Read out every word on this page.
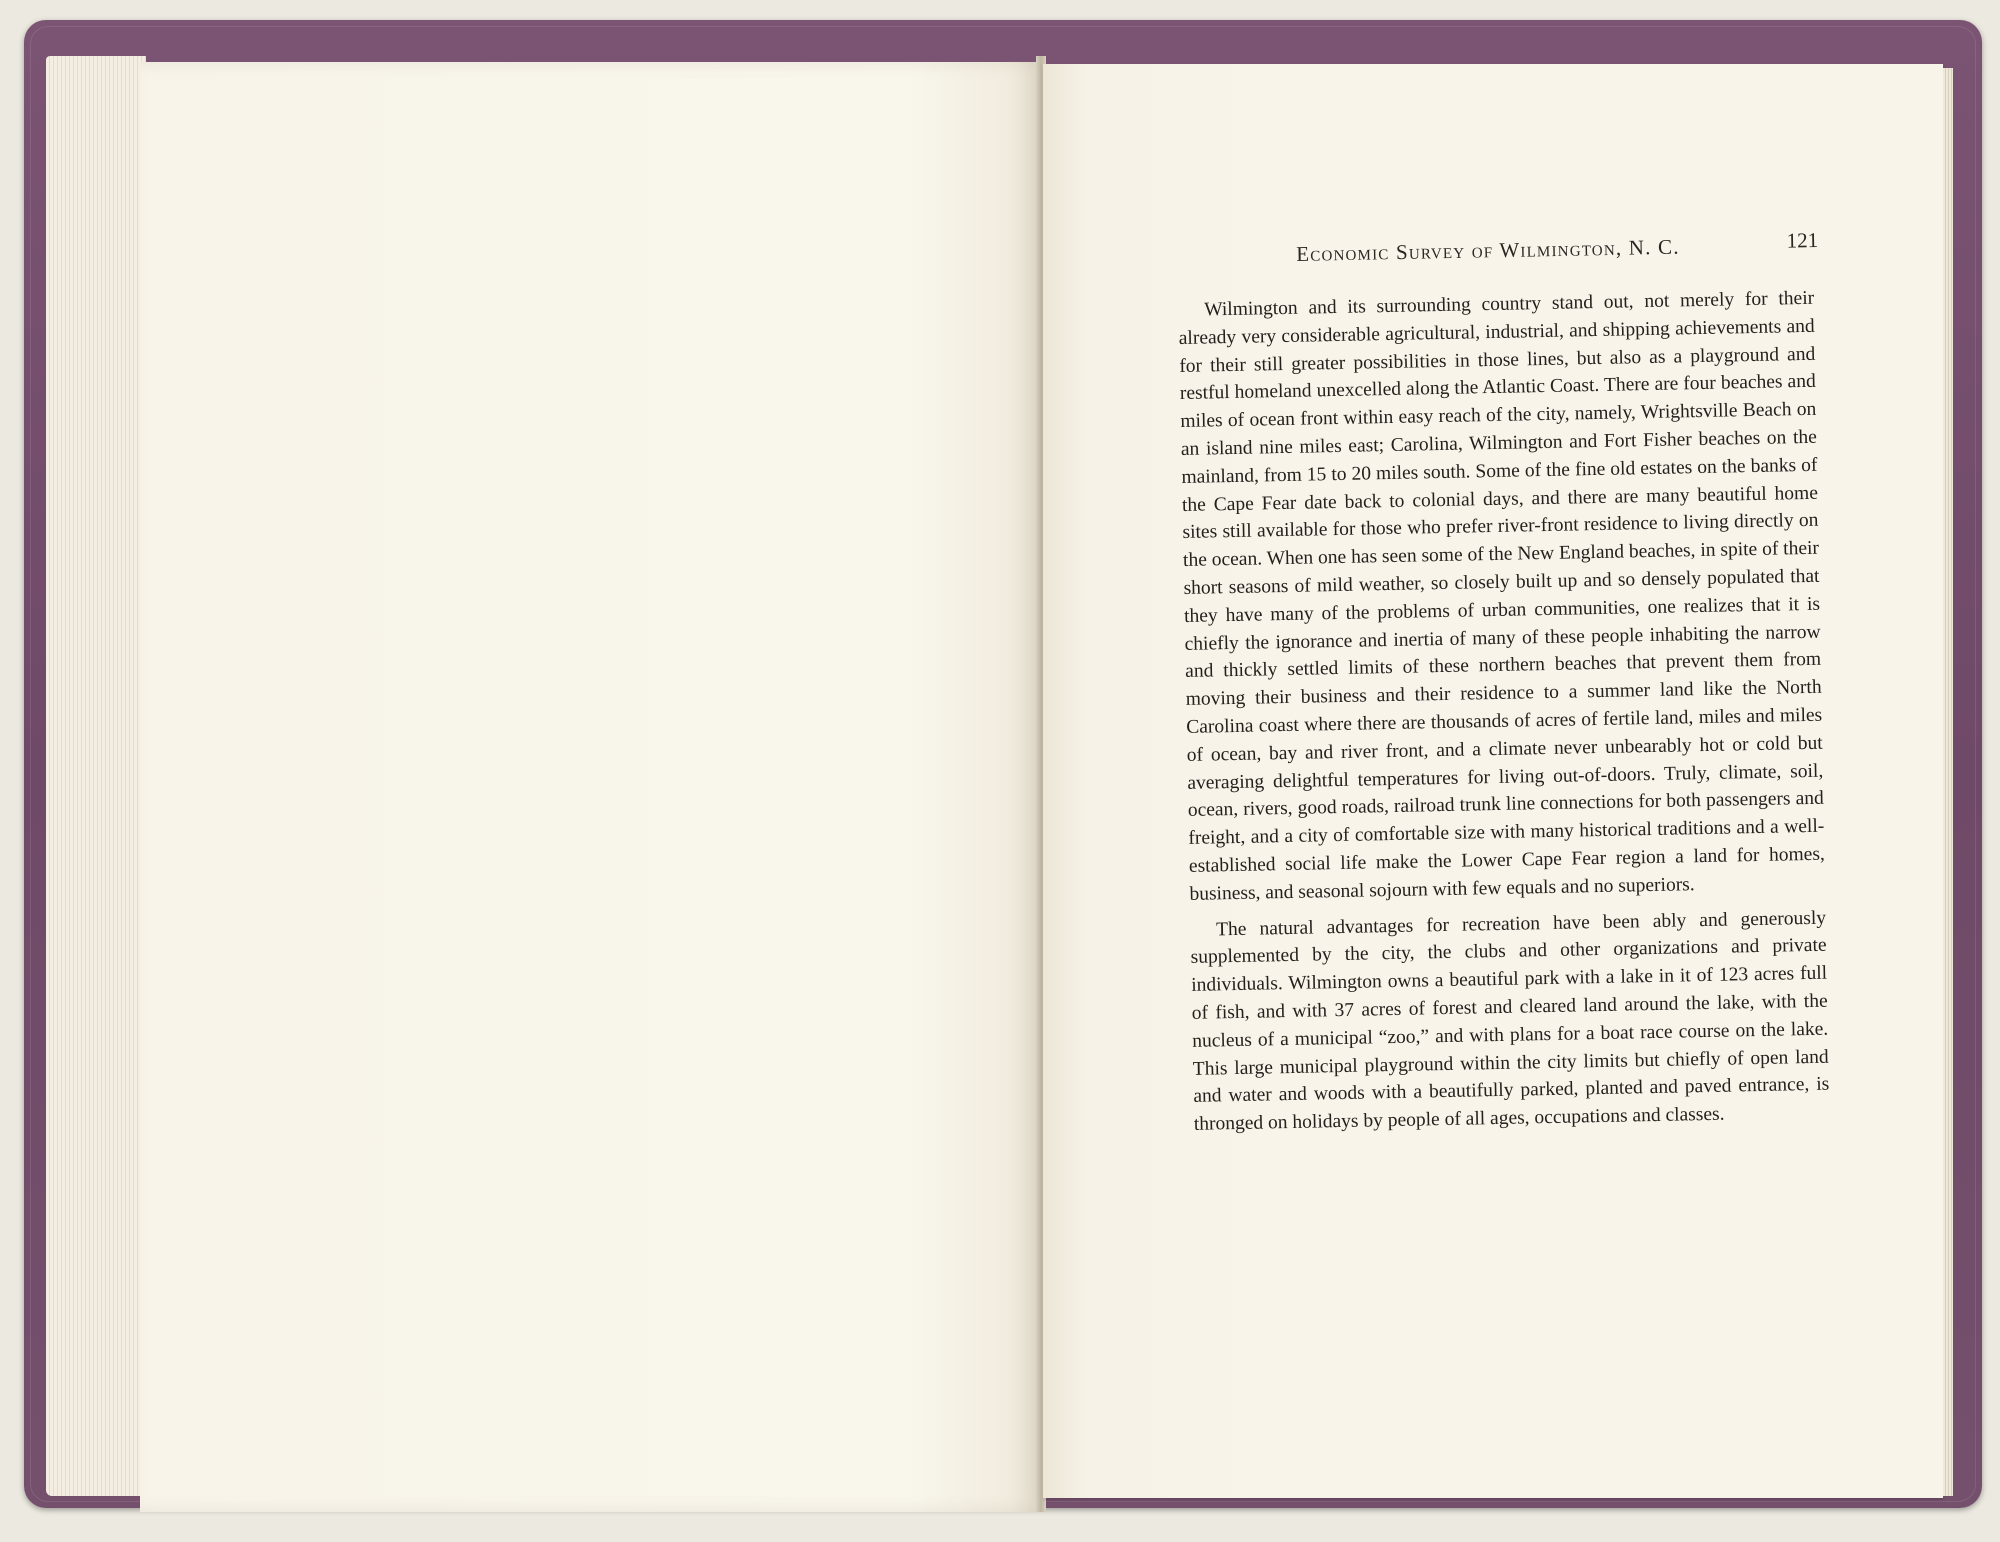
Economic Survey of Wilmington, N. C.	121

Wilmington and its surrounding country stand out, not merely for their already very considerable agricultural, industrial, and shipping achievements and for their still greater possibilities in those lines, but also as a playground and restful homeland unexcelled along the Atlantic Coast. There are four beaches and miles of ocean front within easy reach of the city, namely, Wrightsville Beach on an island nine miles east; Carolina, Wilmington and Fort Fisher beaches on the mainland, from 15 to 20 miles south. Some of the fine old estates on the banks of the Cape Fear date back to colonial days, and there are many beautiful home sites still available for those who prefer river-front residence to living directly on the ocean. When one has seen some of the New England beaches, in spite of their short seasons of mild weather, so closely built up and so densely populated that they have many of the problems of urban communities, one realizes that it is chiefly the ignorance and inertia of many of these people inhabiting the narrow and thickly settled limits of these northern beaches that prevent them from moving their business and their residence to a summer land like the North Carolina coast where there are thousands of acres of fertile land, miles and miles of ocean, bay and river front, and a climate never unbearably hot or cold but averaging delightful temperatures for living out-of-doors. Truly, climate, soil, ocean, rivers, good roads, railroad trunk line connections for both passengers and freight, and a city of comfortable size with many historical traditions and a well-established social life make the Lower Cape Fear region a land for homes, business, and seasonal sojourn with few equals and no superiors.

The natural advantages for recreation have been ably and generously supplemented by the city, the clubs and other organizations and private individuals. Wilmington owns a beautiful park with a lake in it of 123 acres full of fish, and with 37 acres of forest and cleared land around the lake, with the nucleus of a municipal “zoo,” and with plans for a boat race course on the lake. This large municipal playground within the city limits but chiefly of open land and water and woods with a beautifully parked, planted and paved entrance, is thronged on holidays by people of all ages, occupations and classes.
